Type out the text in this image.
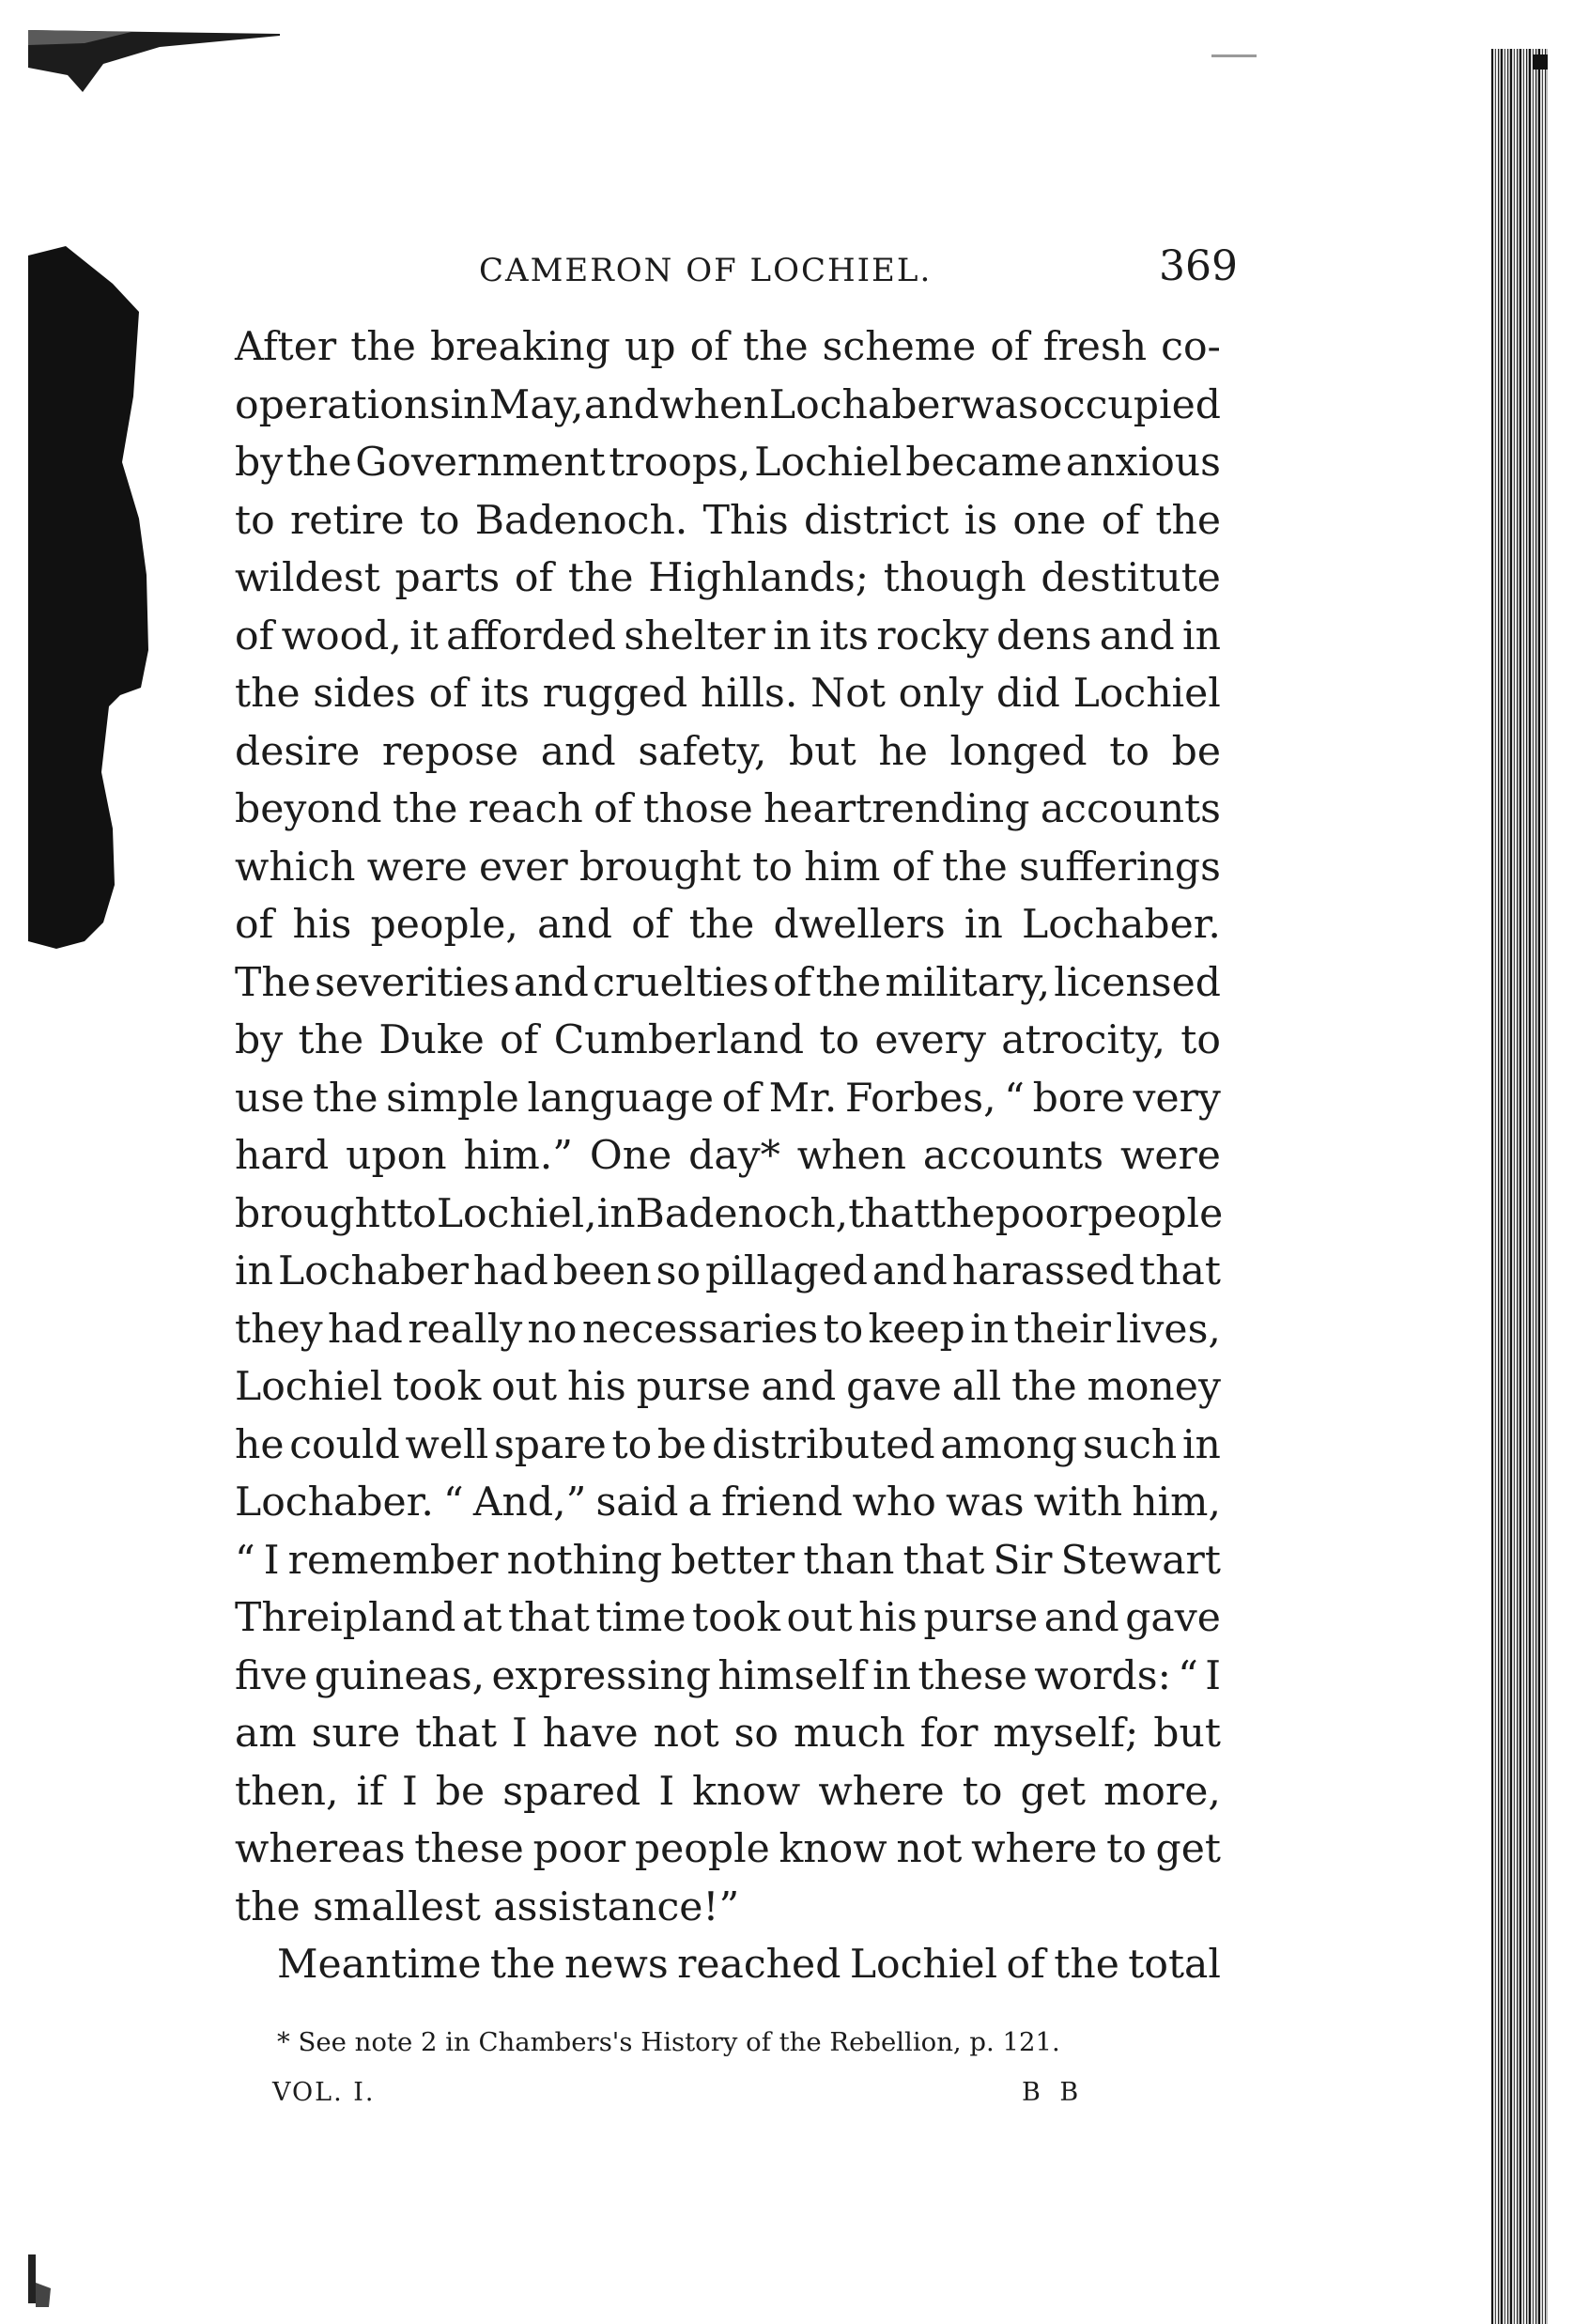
CAMERON OF LOCHIEL.	369
After the breaking up of the scheme of fresh co-
operations in May, and when Lochaber was occupied
by the Government troops, Lochiel became anxious
to retire to Badenoch. This district is one of the
wildest parts of the Highlands; though destitute
of wood, it afforded shelter in its rocky dens and in
the sides of its rugged hills. Not only did Lochiel
desire repose and safety, but he longed to be
beyond the reach of those heartrending accounts
which were ever brought to him of the sufferings
of his people, and of the dwellers in Lochaber.
The severities and cruelties of the military, licensed
by the Duke of Cumberland to every atrocity, to
use the simple language of Mr. Forbes, “ bore very
hard upon him.” One day* when accounts were
brought to Lochiel, in Badenoch, that the poor people
in Lochaber had been so pillaged and harassed that
they had really no necessaries to keep in their lives,
Lochiel took out his purse and gave all the money
he could well spare to be distributed among such in
Lochaber. “ And,” said a friend who was with him,
“ I remember nothing better than that Sir Stewart
Threipland at that time took out his purse and gave
five guineas, expressing himself in these words: “ I
am sure that I have not so much for myself; but
then, if I be spared I know where to get more,
whereas these poor people know not where to get
the smallest assistance!”
Meantime the news reached Lochiel of the total
* See note 2 in Chambers's History of the Rebellion, p. 121.
VOL. I.	B B
